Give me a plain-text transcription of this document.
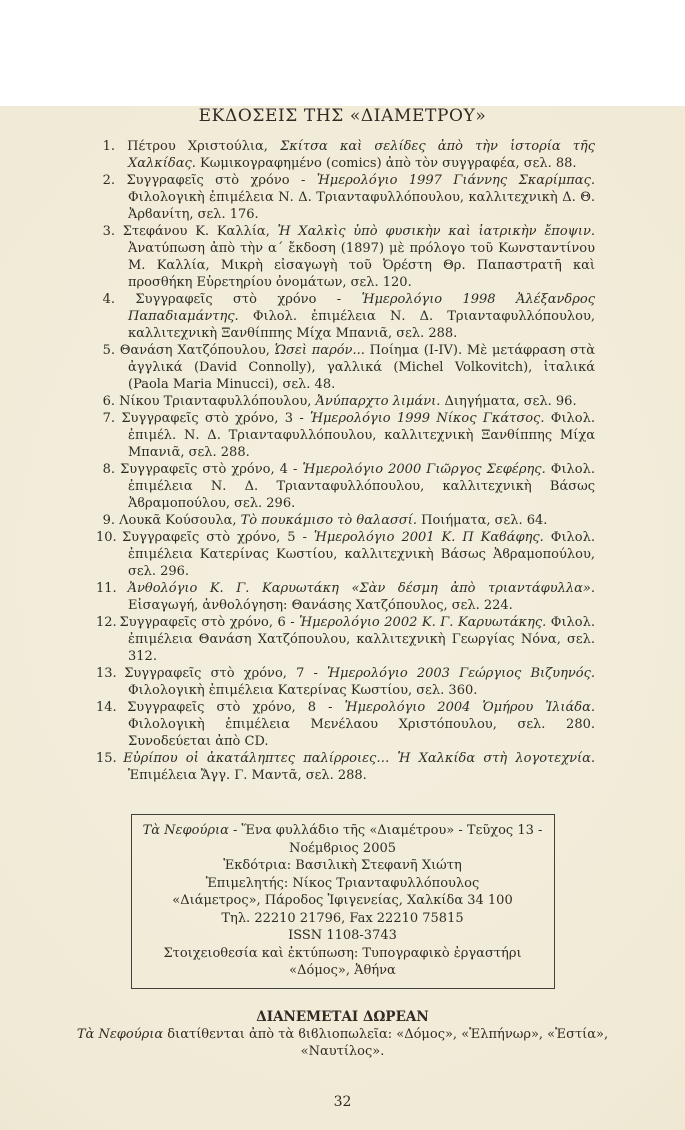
ΕΚΔΟΣΕΙΣ ΤΗΣ «ΔΙΑΜΕΤΡΟΥ»
1. Πέτρου Χριστούλια, Σκίτσα καὶ σελίδες ἀπὸ τὴν ἱστορία τῆς Χαλκίδας. Κωμικογραφημένο (comics) ἀπὸ τὸν συγγραφέα, σελ. 88.
2. Συγγραφεῖς στὸ χρόνο - Ἡμερολόγιο 1997 Γιάννης Σκαρίμπας. Φιλολογικὴ ἐπιμέλεια Ν. Δ. Τριανταφυλλόπουλου, καλλιτεχνικὴ Δ. Θ. Ἀρϐανίτη, σελ. 176.
3. Στεφάνου Κ. Καλλία, Ἡ Χαλκὶς ὑπὸ φυσικὴν καὶ ἰατρικὴν ἔποψιν. Ἀνατύπωση ἀπὸ τὴν α΄ ἔκδοση (1897) μὲ πρόλογο τοῦ Κωνσταντίνου Μ. Καλλία, Μικρὴ εἰσαγωγὴ τοῦ Ὀρέστη Θρ. Παπαστρατῆ καὶ προσθήκη Εὑρετηρίου ὀνομάτων, σελ. 120.
4. Συγγραφεῖς στὸ χρόνο - Ἡμερολόγιο 1998 Ἀλέξανδρος Παπαδιαμάντης. Φιλολ. ἐπιμέλεια Ν. Δ. Τριανταφυλλόπουλου, καλλιτεχνικὴ Ξανθίππης Μίχα Μπανιᾶ, σελ. 288.
5. Θανάση Χατζόπουλου, Ὡσεὶ παρόν... Ποίημα (I-IV). Μὲ μετάφραση στὰ ἀγγλικά (David Connolly), γαλλικά (Michel Volkovitch), ἰταλικά (Paola Maria Minucci), σελ. 48.
6. Νίκου Τριανταφυλλόπουλου, Ἀνύπαρχτο λιμάνι. Διηγήματα, σελ. 96.
7. Συγγραφεῖς στὸ χρόνο, 3 - Ἡμερολόγιο 1999 Νίκος Γκάτσος. Φιλολ. ἐπιμέλ. Ν. Δ. Τριανταφυλλόπουλου, καλλιτεχνικὴ Ξανθίππης Μίχα Μπανιᾶ, σελ. 288.
8. Συγγραφεῖς στὸ χρόνο, 4 - Ἡμερολόγιο 2000 Γιῶργος Σεφέρης. Φιλολ. ἐπιμέλεια Ν. Δ. Τριανταφυλλόπουλου, καλλιτεχνικὴ Βάσως Ἀϐραμοπούλου, σελ. 296.
9. Λουκᾶ Κούσουλα, Τὸ πουκάμισο τὸ θαλασσί. Ποιήματα, σελ. 64.
10. Συγγραφεῖς στὸ χρόνο, 5 - Ἡμερολόγιο 2001 Κ. Π Καϐάφης. Φιλολ. ἐπιμέλεια Κατερίνας Κωστίου, καλλιτεχνικὴ Βάσως Ἀϐραμοπούλου, σελ. 296.
11. Ἀνθολόγιο Κ. Γ. Καρυωτάκη «Σὰν δέσμη ἀπὸ τριαντάφυλλα». Εἰσαγωγή, ἀνθολόγηση: Θανάσης Χατζόπουλος, σελ. 224.
12. Συγγραφεῖς στὸ χρόνο, 6 - Ἡμερολόγιο 2002 Κ. Γ. Καρυωτάκης. Φιλολ. ἐπιμέλεια Θανάση Χατζόπουλου, καλλιτεχνικὴ Γεωργίας Νόνα, σελ. 312.
13. Συγγραφεῖς στὸ χρόνο, 7 - Ἡμερολόγιο 2003 Γεώργιος Βιζυηνός. Φιλολογικὴ ἐπιμέλεια Κατερίνας Κωστίου, σελ. 360.
14. Συγγραφεῖς στὸ χρόνο, 8 - Ἡμερολόγιο 2004 Ὁμήρου Ἰλιάδα. Φιλολογικὴ ἐπιμέλεια Μενέλαου Χριστόπουλου, σελ. 280. Συνοδεύεται ἀπὸ CD.
15. Εὐρίπου οἱ ἀκατάληπτες παλίρροιες… Ἡ Χαλκίδα στὴ λογοτεχνία. Ἐπιμέλεια Ἄγγ. Γ. Μαντᾶ, σελ. 288.
Τὰ Νεφούρια - Ἕνα φυλλάδιο τῆς «Διαμέτρου» - Τεῦχος 13 - Νοέμϐριος 2005
Ἐκδότρια: Βασιλικὴ Στεφανῆ Χιώτη
Ἐπιμελητής: Νίκος Τριανταφυλλόπουλος
«Διάμετρος», Πάροδος Ἰφιγενείας, Χαλκίδα 34 100
Τηλ. 22210 21796, Fax 22210 75815
ISSN 1108-3743
Στοιχειοθεσία καὶ ἐκτύπωση: Τυπογραφικὸ ἐργαστήρι «Δόμος», Ἀθήνα
ΔΙΑΝΕΜΕΤΑΙ ΔΩΡΕΑΝ
Τὰ Νεφούρια διατίθενται ἀπὸ τὰ ϐιϐλιοπωλεῖα: «Δόμος», «Ἐλπήνωρ», «Ἑστία»,
«Ναυτίλος».
32
